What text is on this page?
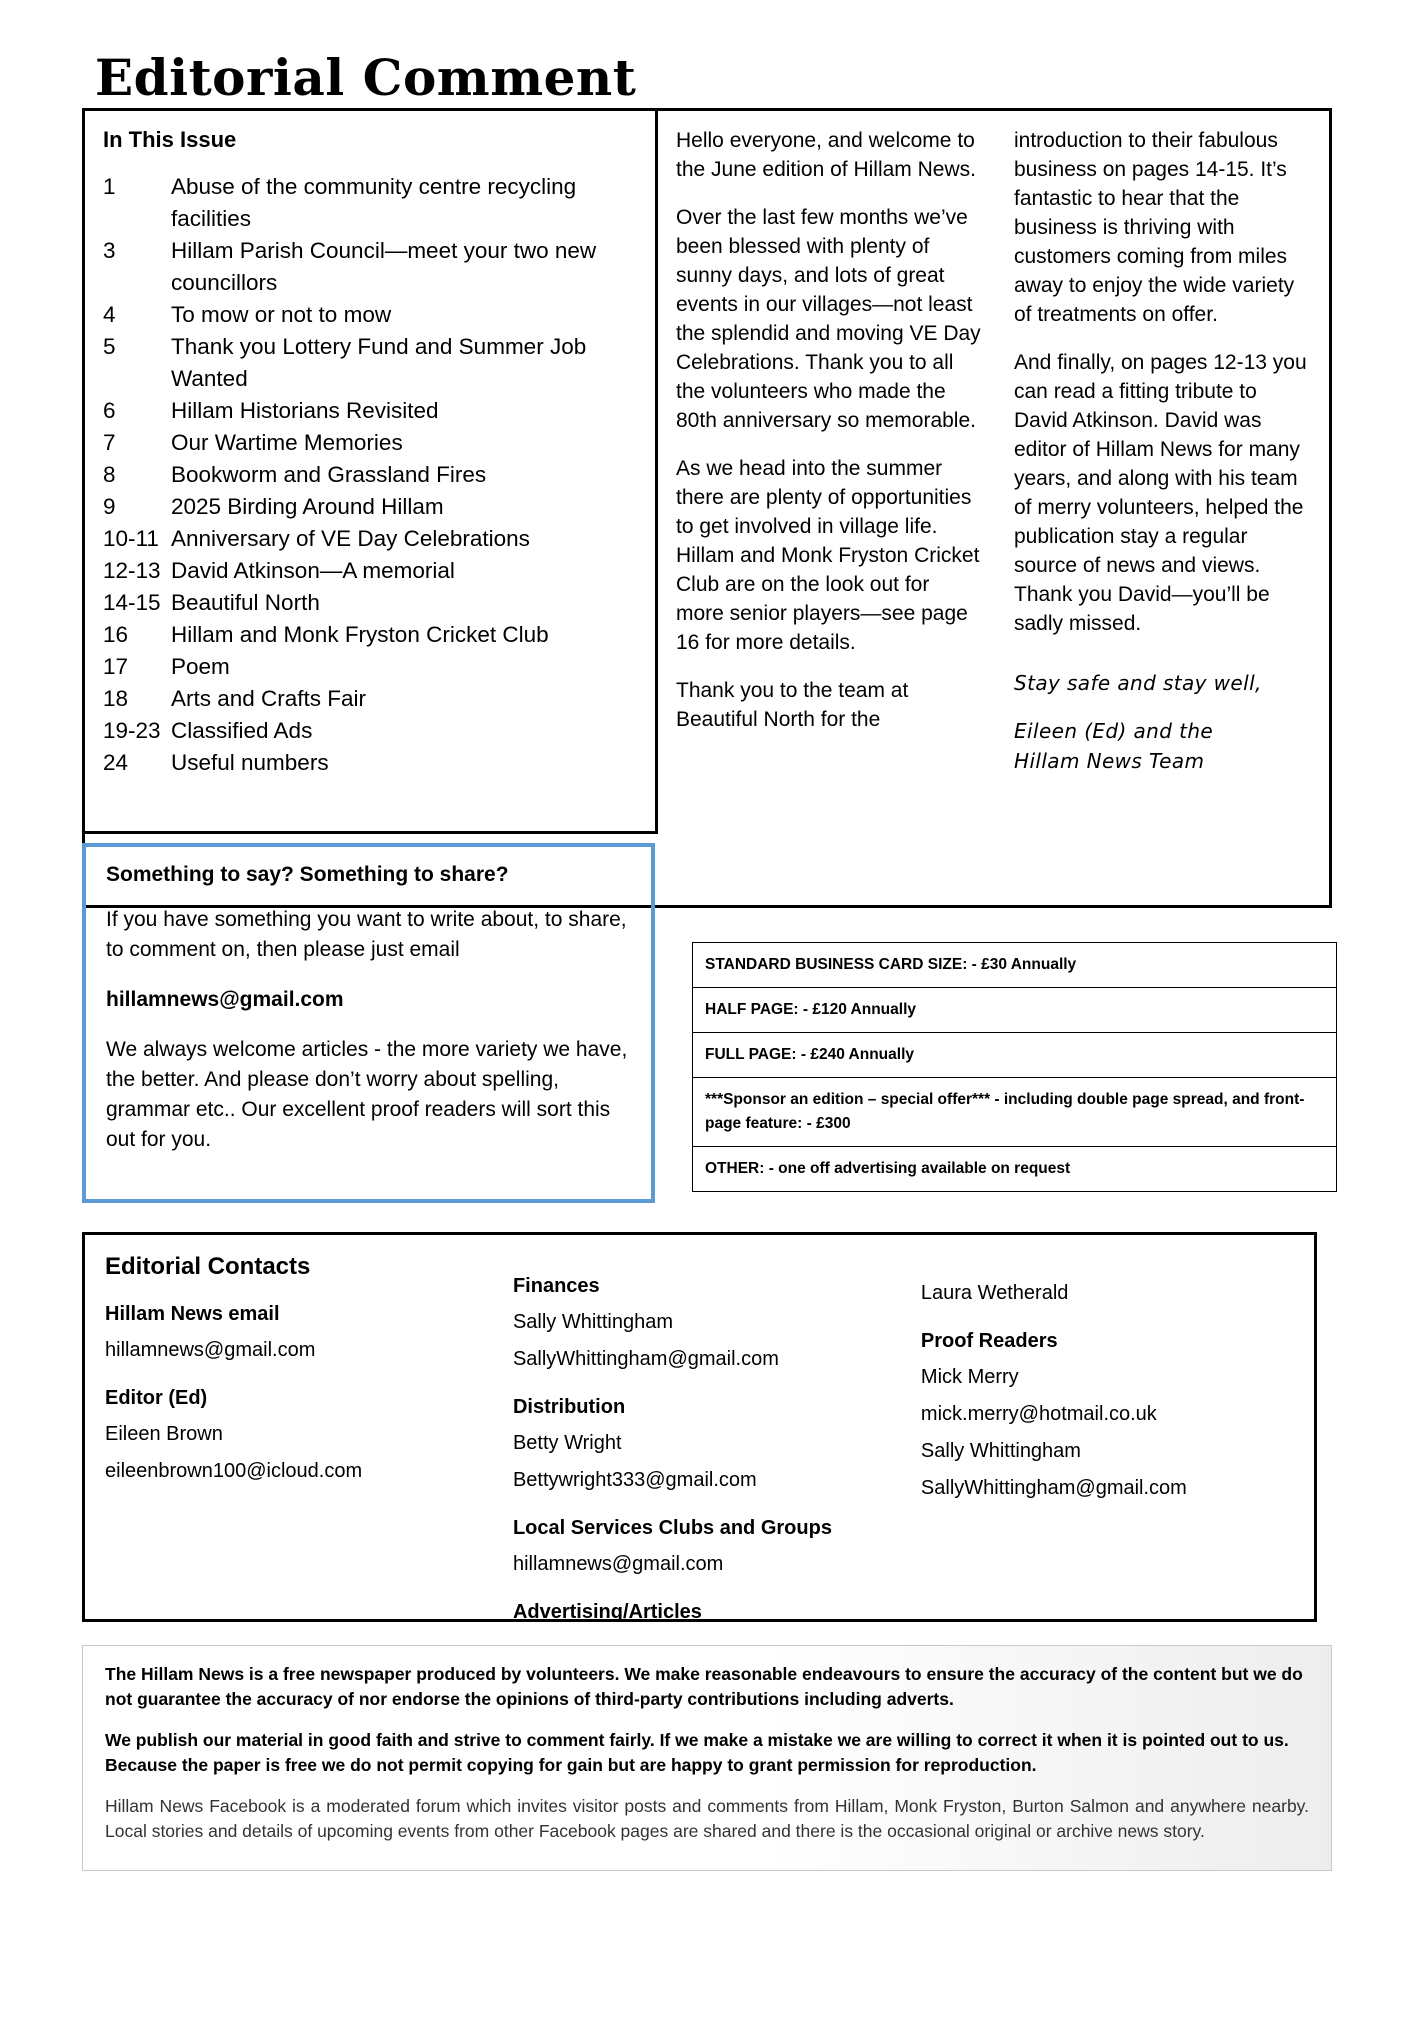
Editorial Comment
In This Issue
1	Abuse of the community centre recycling facilities
3	Hillam Parish Council—meet your two new councillors
4	To mow or not to mow
5	Thank you Lottery Fund and Summer Job Wanted
6	Hillam Historians Revisited
7	Our Wartime Memories
8	Bookworm and Grassland Fires
9	2025 Birding Around Hillam
10-11 Anniversary of VE Day Celebrations
12-13 David Atkinson—A memorial
14-15 Beautiful North
16	Hillam and Monk Fryston Cricket Club
17	Poem
18	Arts and Crafts Fair
19-23 Classified Ads
24	Useful numbers

Hello everyone, and welcome to the June edition of Hillam News.

Over the last few months we’ve been blessed with plenty of sunny days, and lots of great events in our villages—not least the splendid and moving VE Day Celebrations. Thank you to all the volunteers who made the 80th anniversary so memorable.

As we head into the summer there are plenty of opportunities to get involved in village life. Hillam and Monk Fryston Cricket Club are on the look out for more senior players—see page 16 for more details.

Thank you to the team at Beautiful North for the

introduction to their fabulous business on pages 14-15. It’s fantastic to hear that the business is thriving with customers coming from miles away to enjoy the wide variety of treatments on offer.

And finally, on pages 12-13 you can read a fitting tribute to David Atkinson. David was editor of Hillam News for many years, and along with his team of merry volunteers, helped the publication stay a regular source of news and views. Thank you David—you’ll be sadly missed.

Stay safe and stay well,
Eileen (Ed) and the
Hillam News Team
Something to say? Something to share?

If you have something you want to write about, to share, to comment on, then please just email

hillamnews@gmail.com

We always welcome articles - the more variety we have, the better. And please don’t worry about spelling, grammar etc.. Our excellent proof readers will sort this out for you.

STANDARD BUSINESS CARD SIZE: - £30 Annually
HALF PAGE: - £120 Annually
FULL PAGE: - £240 Annually
***Sponsor an edition – special offer*** - including double page spread, and front-page feature: - £300
OTHER: - one off advertising available on request
Editorial Contacts
Hillam News email
hillamnews@gmail.com
Editor (Ed)
Eileen Brown
eileenbrown100@icloud.com
Finances
Sally Whittingham
SallyWhittingham@gmail.com
Distribution
Betty Wright
Bettywright333@gmail.com
Local Services Clubs and Groups
hillamnews@gmail.com
Advertising/Articles
Laura Wetherald
Proof Readers
Mick Merry
mick.merry@hotmail.co.uk
Sally Whittingham
SallyWhittingham@gmail.com

The Hillam News is a free newspaper produced by volunteers. We make reasonable endeavours to ensure the accuracy of the content but we do not guarantee the accuracy of nor endorse the opinions of third-party contributions including adverts.

We publish our material in good faith and strive to comment fairly. If we make a mistake we are willing to correct it when it is pointed out to us. Because the paper is free we do not permit copying for gain but are happy to grant permission for reproduction.

Hillam News Facebook is a moderated forum which invites visitor posts and comments from Hillam, Monk Fryston, Burton Salmon and anywhere nearby. Local stories and details of upcoming events from other Facebook pages are shared and there is the occasional original or archive news story.
